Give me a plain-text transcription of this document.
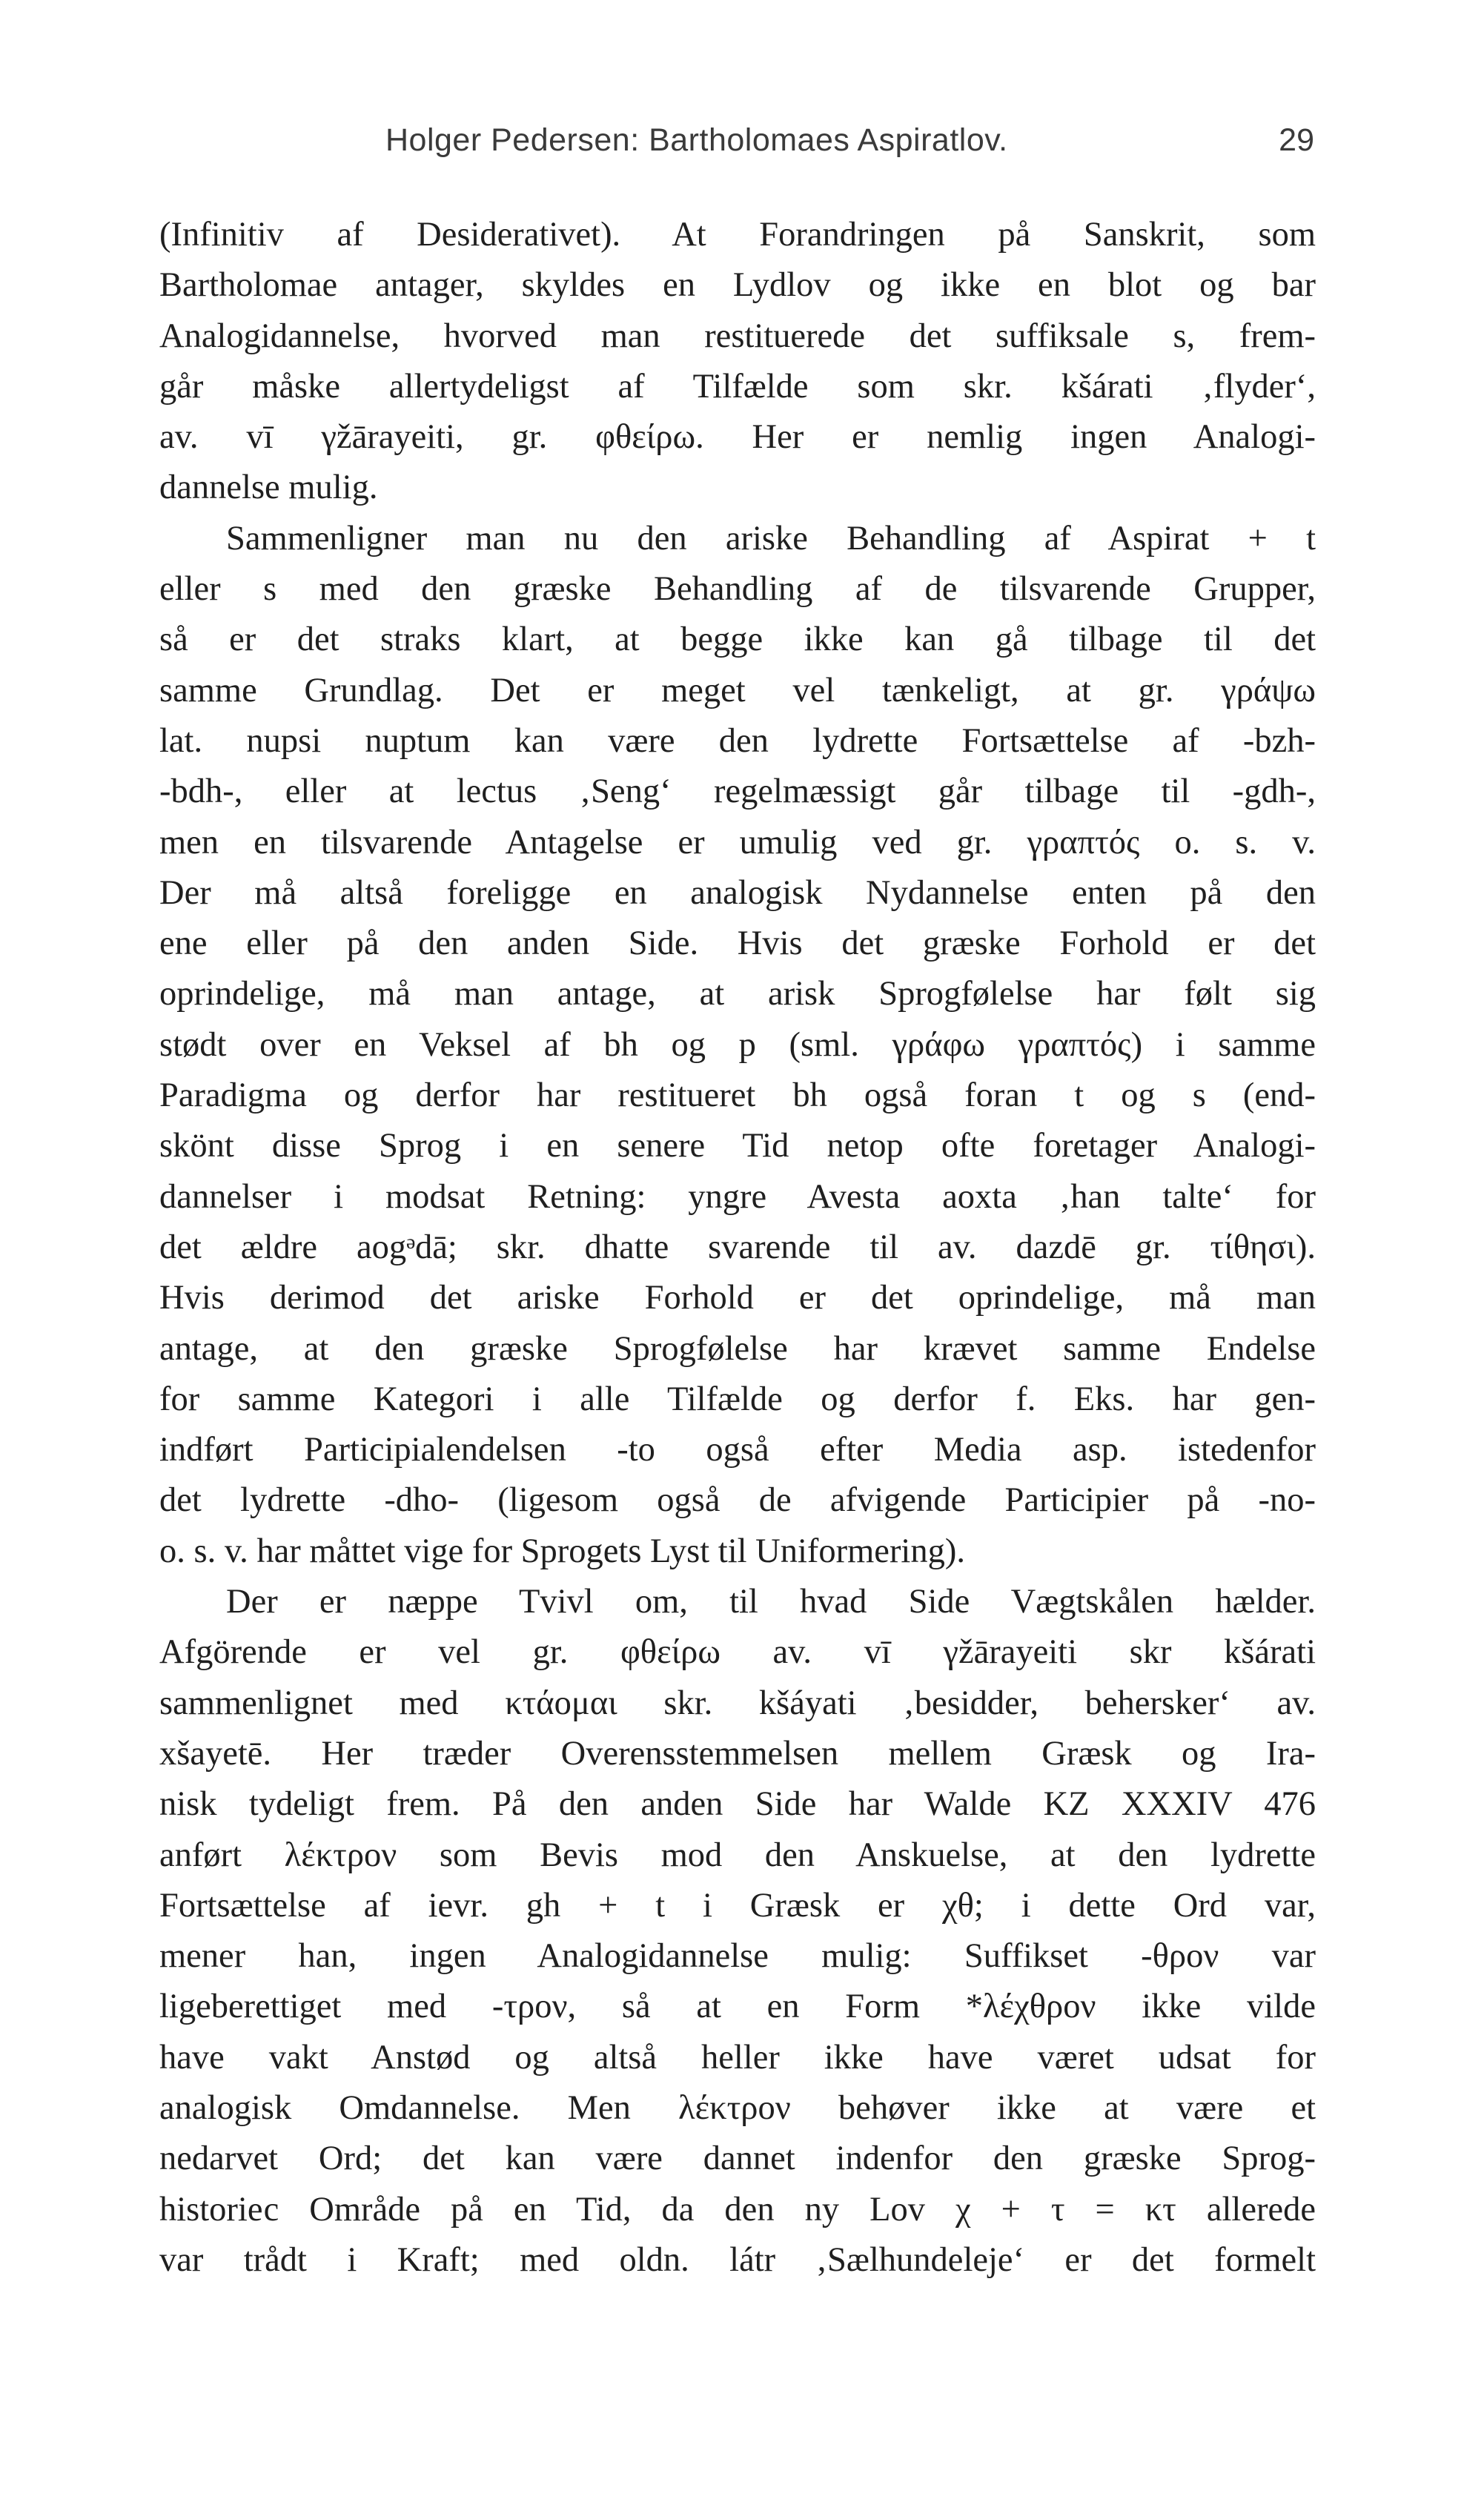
Holger Pedersen: Bartholomaes Aspiratlov.	29
(Infinitiv af Desiderativet). At Forandringen på Sanskrit, som
Bartholomae antager, skyldes en Lydlov og ikke en blot og bar
Analogidannelse, hvorved man restituerede det suffiksale s, frem-
går måske allertydeligst af Tilfælde som skr. kšárati ‚flyder‘,
av. vī γžārayeiti, gr. φθείρω. Her er nemlig ingen Analogi-
dannelse mulig.
Sammenligner man nu den ariske Behandling af Aspirat + t
eller s med den græske Behandling af de tilsvarende Grupper,
så er det straks klart, at begge ikke kan gå tilbage til det
samme Grundlag. Det er meget vel tænkeligt, at gr. γράψω
lat. nupsi nuptum kan være den lydrette Fortsættelse af -bzh-
-bdh-, eller at lectus ‚Seng‘ regelmæssigt går tilbage til -gdh-,
men en tilsvarende Antagelse er umulig ved gr. γραπτός o. s. v.
Der må altså foreligge en analogisk Nydannelse enten på den
ene eller på den anden Side. Hvis det græske Forhold er det
oprindelige, må man antage, at arisk Sprogfølelse har følt sig
stødt over en Veksel af bh og p (sml. γράφω γραπτός) i samme
Paradigma og derfor har restitueret bh også foran t og s (end-
skönt disse Sprog i en senere Tid netop ofte foretager Analogi-
dannelser i modsat Retning: yngre Avesta aoxta ‚han talte‘ for
det ældre aogᵊdā; skr. dhatte svarende til av. dazdē gr. τίθησι).
Hvis derimod det ariske Forhold er det oprindelige, må man
antage, at den græske Sprogfølelse har krævet samme Endelse
for samme Kategori i alle Tilfælde og derfor f. Eks. har gen-
indført Participialendelsen -to også efter Media asp. istedenfor
det lydrette -dho- (ligesom også de afvigende Participier på -no-
o. s. v. har måttet vige for Sprogets Lyst til Uniformering).
Der er næppe Tvivl om, til hvad Side Vægtskålen hælder.
Afgörende er vel gr. φθείρω av. vī γžārayeiti skr kšárati
sammenlignet med κτάομαι skr. kšáyati ‚besidder, behersker‘ av.
xšayetē. Her træder Overensstemmelsen mellem Græsk og Ira-
nisk tydeligt frem. På den anden Side har Walde KZ XXXIV 476
anført λέκτρον som Bevis mod den Anskuelse, at den lydrette
Fortsættelse af ievr. gh + t i Græsk er χθ; i dette Ord var,
mener han, ingen Analogidannelse mulig: Suffikset -θρον var
ligeberettiget med -τρον, så at en Form *λέχθρον ikke vilde
have vakt Anstød og altså heller ikke have været udsat for
analogisk Omdannelse. Men λέκτρον behøver ikke at være et
nedarvet Ord; det kan være dannet indenfor den græske Sprog-
historiес Område på en Tid, da den ny Lov χ + τ = κτ allerede
var trådt i Kraft; med oldn. látr ‚Sælhundeleje‘ er det formelt
